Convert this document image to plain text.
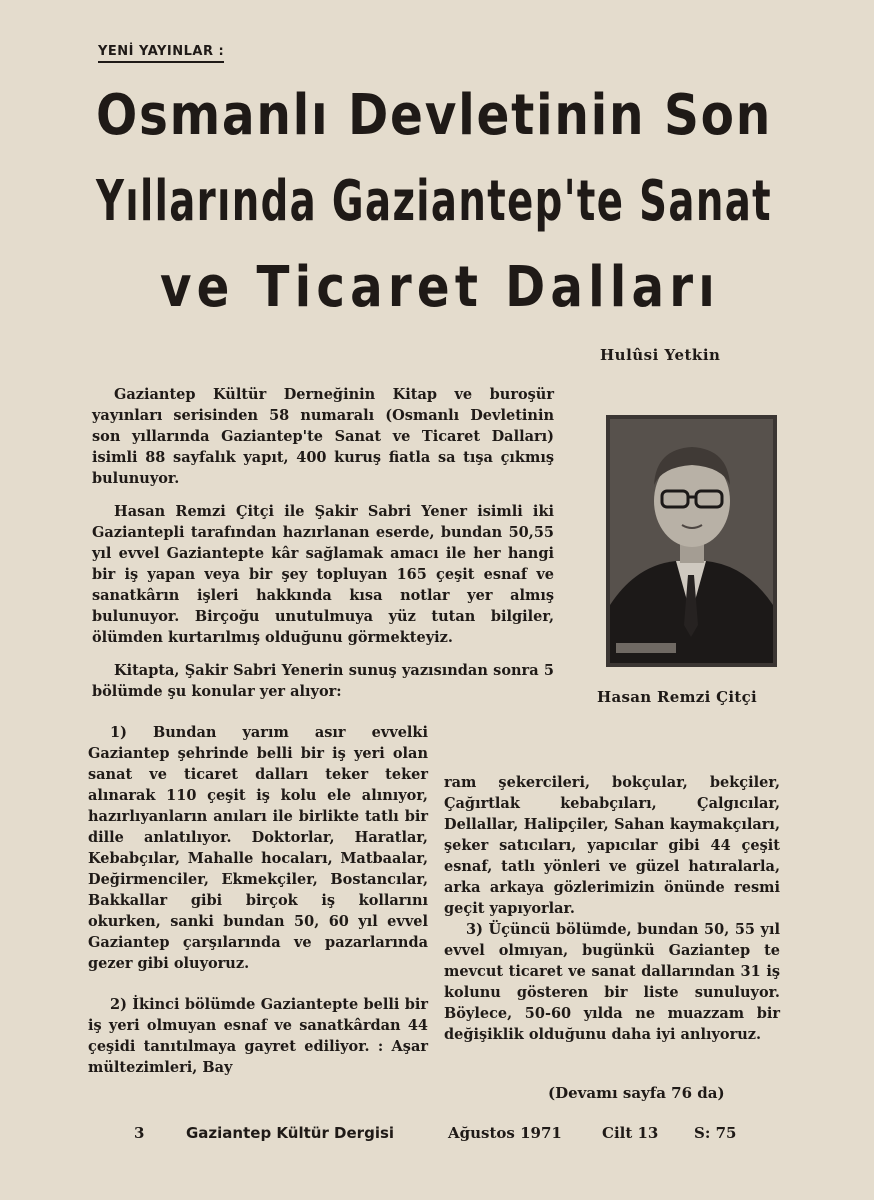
YENİ YAYINLAR :
Osmanlı Devletinin Son
Yıllarında Gaziantep'te Sanat
ve Ticaret Dalları
Hulûsi Yetkin

Gaziantep Kültür Derneğinin Kitap ve buroşür yayınları serisinden 58 numaralı (Osmanlı Devletinin son yıllarında Gaziantep'te Sanat ve Ticaret Dalları) isimli 88 sayfalık yapıt, 400 kuruş fiatla sa tışa çıkmış bulunuyor.

Hasan Remzi Çitçi ile Şakir Sabri Yener isimli iki Gaziantepli tarafından hazırlanan eserde, bundan 50,55 yıl evvel Gaziantepte kâr sağlamak amacı ile her hangi bir iş yapan veya bir şey topluyan 165 çeşit esnaf ve sanatkârın işleri hakkında kısa notlar yer almış bulunuyor. Birçoğu unutulmuya yüz tutan bilgiler, ölümden kurtarılmış olduğunu görmekteyiz.

Kitapta, Şakir Sabri Yenerin sunuş yazısından sonra 5 bölümde şu konular yer alıyor:	Hasan Remzi Çitçi

1) Bundan yarım asır evvelki Gaziantep şehrinde belli bir iş yeri olan sanat ve ticaret dalları teker teker alınarak 110 çeşit iş kolu ele alınıyor, hazırlıyanların anıları ile birlikte tatlı bir dille anlatılıyor. Doktorlar, Haratlar, Kebabçılar, Mahalle hocaları, Matbaalar, Değirmenciler, Ekmekçiler, Bostancılar, Bakkallar gibi birçok iş kollarını okurken, sanki bundan 50, 60 yıl evvel Gaziantep çarşılarında ve pazarlarında gezer gibi oluyoruz.

2) İkinci bölümde Gaziantepte belli bir iş yeri olmuyan esnaf ve sanatkârdan 44 çeşidi tanıtılmaya gayret ediliyor. : Aşar mültezimleri, Bay

ram şekercileri, bokçular, bekçiler, Çağırtlak kebabçıları, Çalgıcılar, Dellallar, Halipçiler, Sahan kaymakçıları, şeker satıcıları, yapıcılar gibi 44 çeşit esnaf, tatlı yönleri ve güzel hatıralarla, arka arkaya gözlerimizin önünde resmi geçit yapıyorlar.

3) Üçüncü bölümde, bundan 50, 55 yıl evvel olmıyan, bugünkü Gaziantep te mevcut ticaret ve sanat dallarından 31 iş kolunu gösteren bir liste sunuluyor. Böylece, 50-60 yılda ne muazzam bir değişiklik olduğunu daha iyi anlıyoruz.

(Devamı sayfa 76 da)
3	Gaziantep Kültür Dergisi	Ağustos 1971	Cilt 13 S: 75
